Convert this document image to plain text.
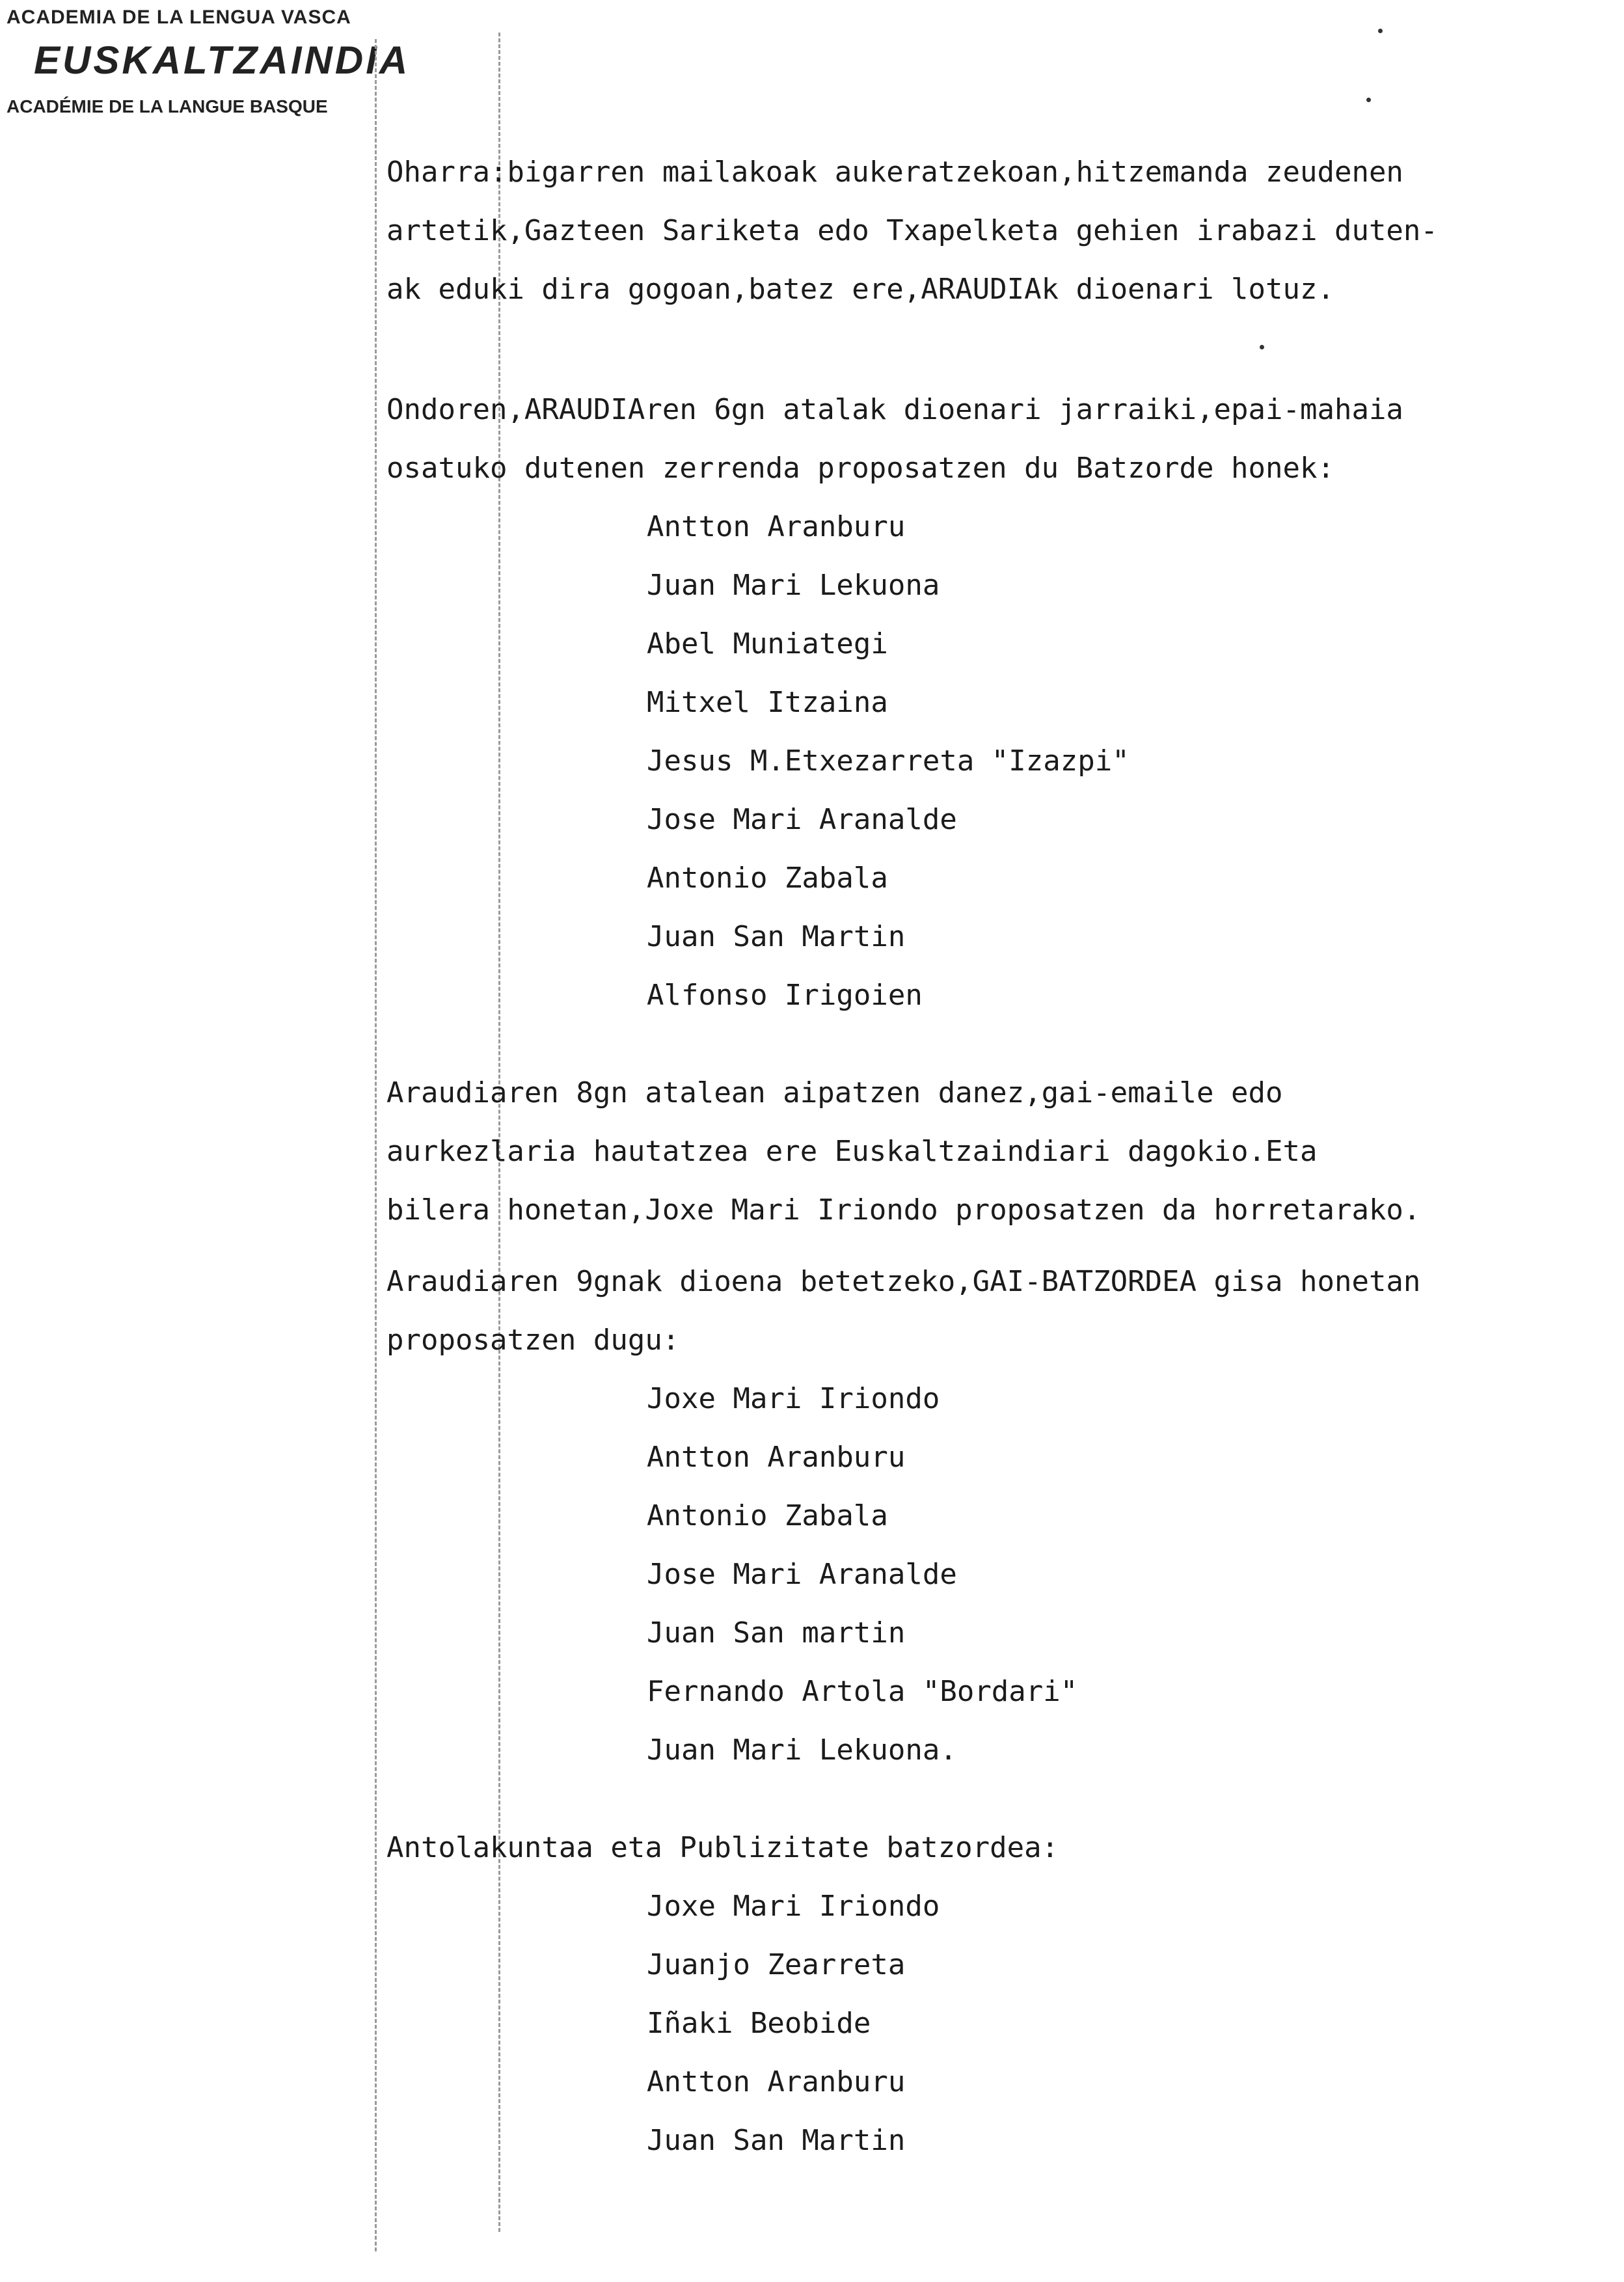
ACADEMIA DE LA LENGUA VASCA
EUSKALTZAINDIA
ACADÉMIE DE LA LANGUE BASQUE
Oharra:bigarren mailakoak aukeratzekoan,hitzemanda zeudenen
artetik,Gazteen Sariketa edo Txapelketa gehien irabazi duten-
ak eduki dira gogoan,batez ere,ARAUDIAk dioenari lotuz.
Ondoren,ARAUDIAren 6gn atalak dioenari jarraiki,epai-mahaia
osatuko dutenen zerrenda proposatzen du Batzorde honek:
Antton Aranburu
Juan Mari Lekuona
Abel Muniategi
Mitxel Itzaina
Jesus M.Etxezarreta "Izazpi"
Jose Mari Aranalde
Antonio Zabala
Juan San Martin
Alfonso Irigoien
Araudiaren 8gn atalean aipatzen danez,gai-emaile edo
aurkezlaria hautatzea ere Euskaltzaindiari dagokio.Eta
bilera honetan,Joxe Mari Iriondo proposatzen da horretarako.
Araudiaren 9gnak dioena betetzeko,GAI-BATZORDEA gisa honetan
proposatzen dugu:
Joxe Mari Iriondo
Antton Aranburu
Antonio Zabala
Jose Mari Aranalde
Juan San martin
Fernando Artola "Bordari"
Juan Mari Lekuona.
Antolakuntaa eta Publizitate batzordea:
Joxe Mari Iriondo
Juanjo Zearreta
Iñaki Beobide
Antton Aranburu
Juan San Martin
